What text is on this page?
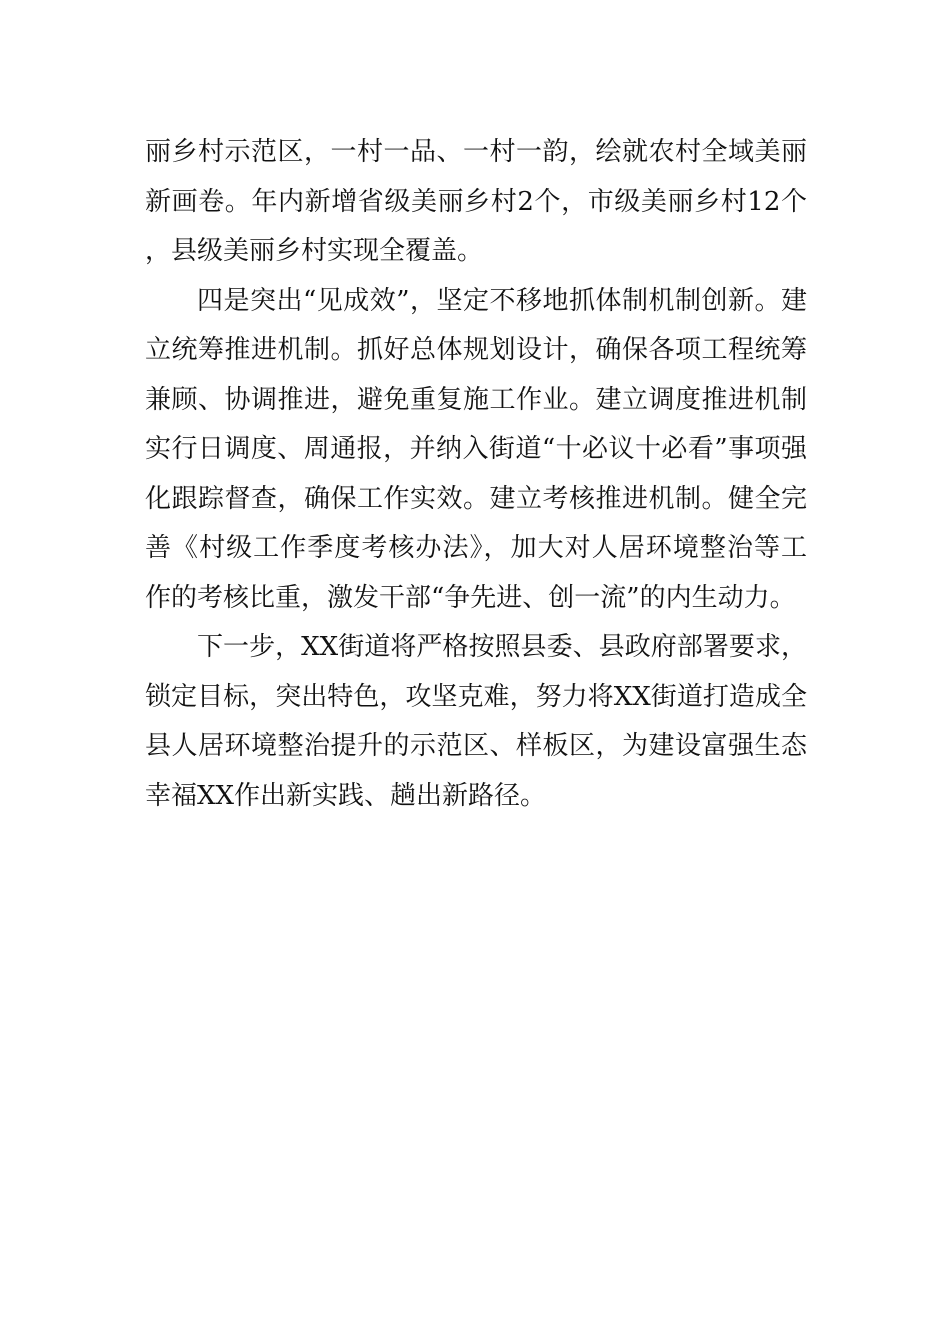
丽乡村示范区，一村一品、一村一韵，绘就农村全域美丽新画卷。年内新增省级美丽乡村2个，市级美丽乡村12个，县级美丽乡村实现全覆盖。

四是突出“见成效”，坚定不移地抓体制机制创新。建立统筹推进机制。抓好总体规划设计，确保各项工程统筹兼顾、协调推进，避免重复施工作业。建立调度推进机制实行日调度、周通报，并纳入街道“十必议十必看”事项强化跟踪督查，确保工作实效。建立考核推进机制。健全完善《村级工作季度考核办法》，加大对人居环境整治等工作的考核比重，激发干部“争先进、创一流”的内生动力。

下一步，XX街道将严格按照县委、县政府部署要求，锁定目标，突出特色，攻坚克难，努力将XX街道打造成全县人居环境整治提升的示范区、样板区，为建设富强生态幸福XX作出新实践、趟出新路径。
